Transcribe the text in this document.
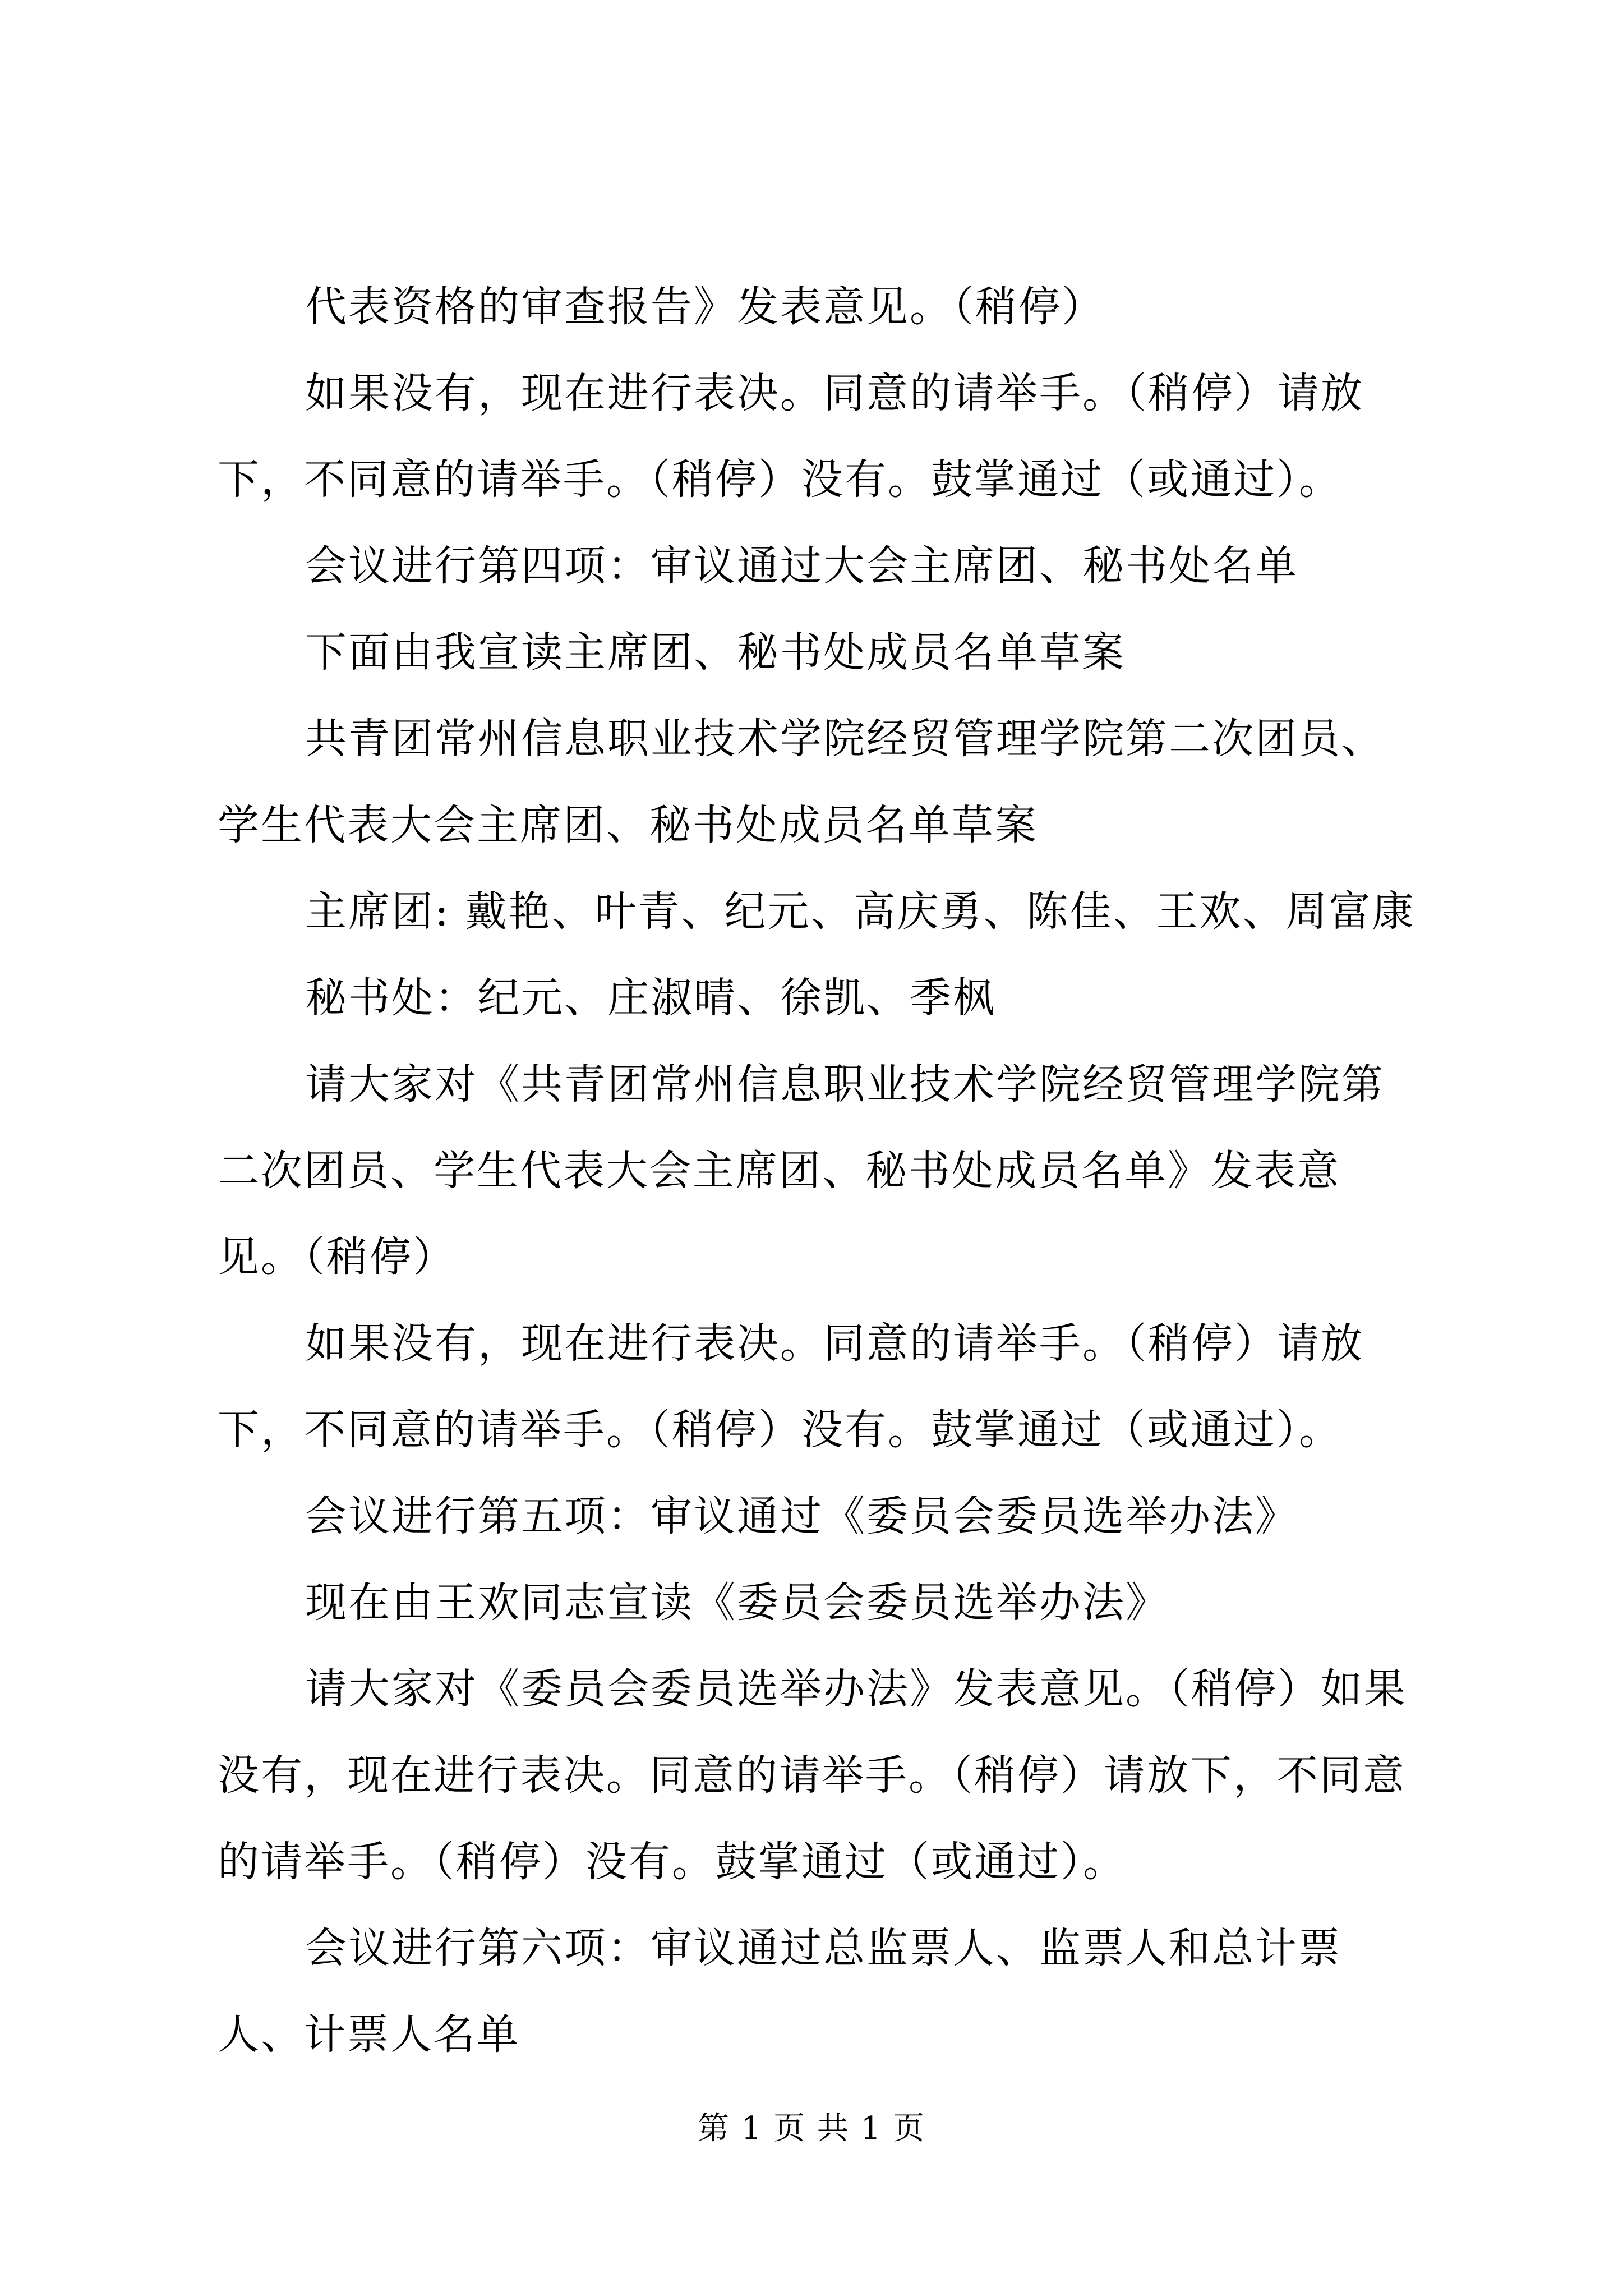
代表资格的审查报告》发表意见。（稍停）

如果没有，现在进行表决。同意的请举手。（稍停）请放下，不同意的请举手。（稍停）没有。鼓掌通过（或通过）。

会议进行第四项：审议通过大会主席团、秘书处名单

下面由我宣读主席团、秘书处成员名单草案

共青团常州信息职业技术学院经贸管理学院第二次团员、学生代表大会主席团、秘书处成员名单草案

主席团: 戴艳、叶青、纪元、高庆勇、陈佳、王欢、周富康

秘书处：纪元、庄淑晴、徐凯、季枫

请大家对《共青团常州信息职业技术学院经贸管理学院第二次团员、学生代表大会主席团、秘书处成员名单》发表意见。（稍停）

如果没有，现在进行表决。同意的请举手。（稍停）请放下，不同意的请举手。（稍停）没有。鼓掌通过（或通过）。

会议进行第五项：审议通过《委员会委员选举办法》

现在由王欢同志宣读《委员会委员选举办法》

请大家对《委员会委员选举办法》发表意见。（稍停）如果没有，现在进行表决。同意的请举手。（稍停）请放下，不同意的请举手。（稍停）没有。鼓掌通过（或通过）。

会议进行第六项：审议通过总监票人、监票人和总计票人、计票人名单

第 1 页 共 1 页
